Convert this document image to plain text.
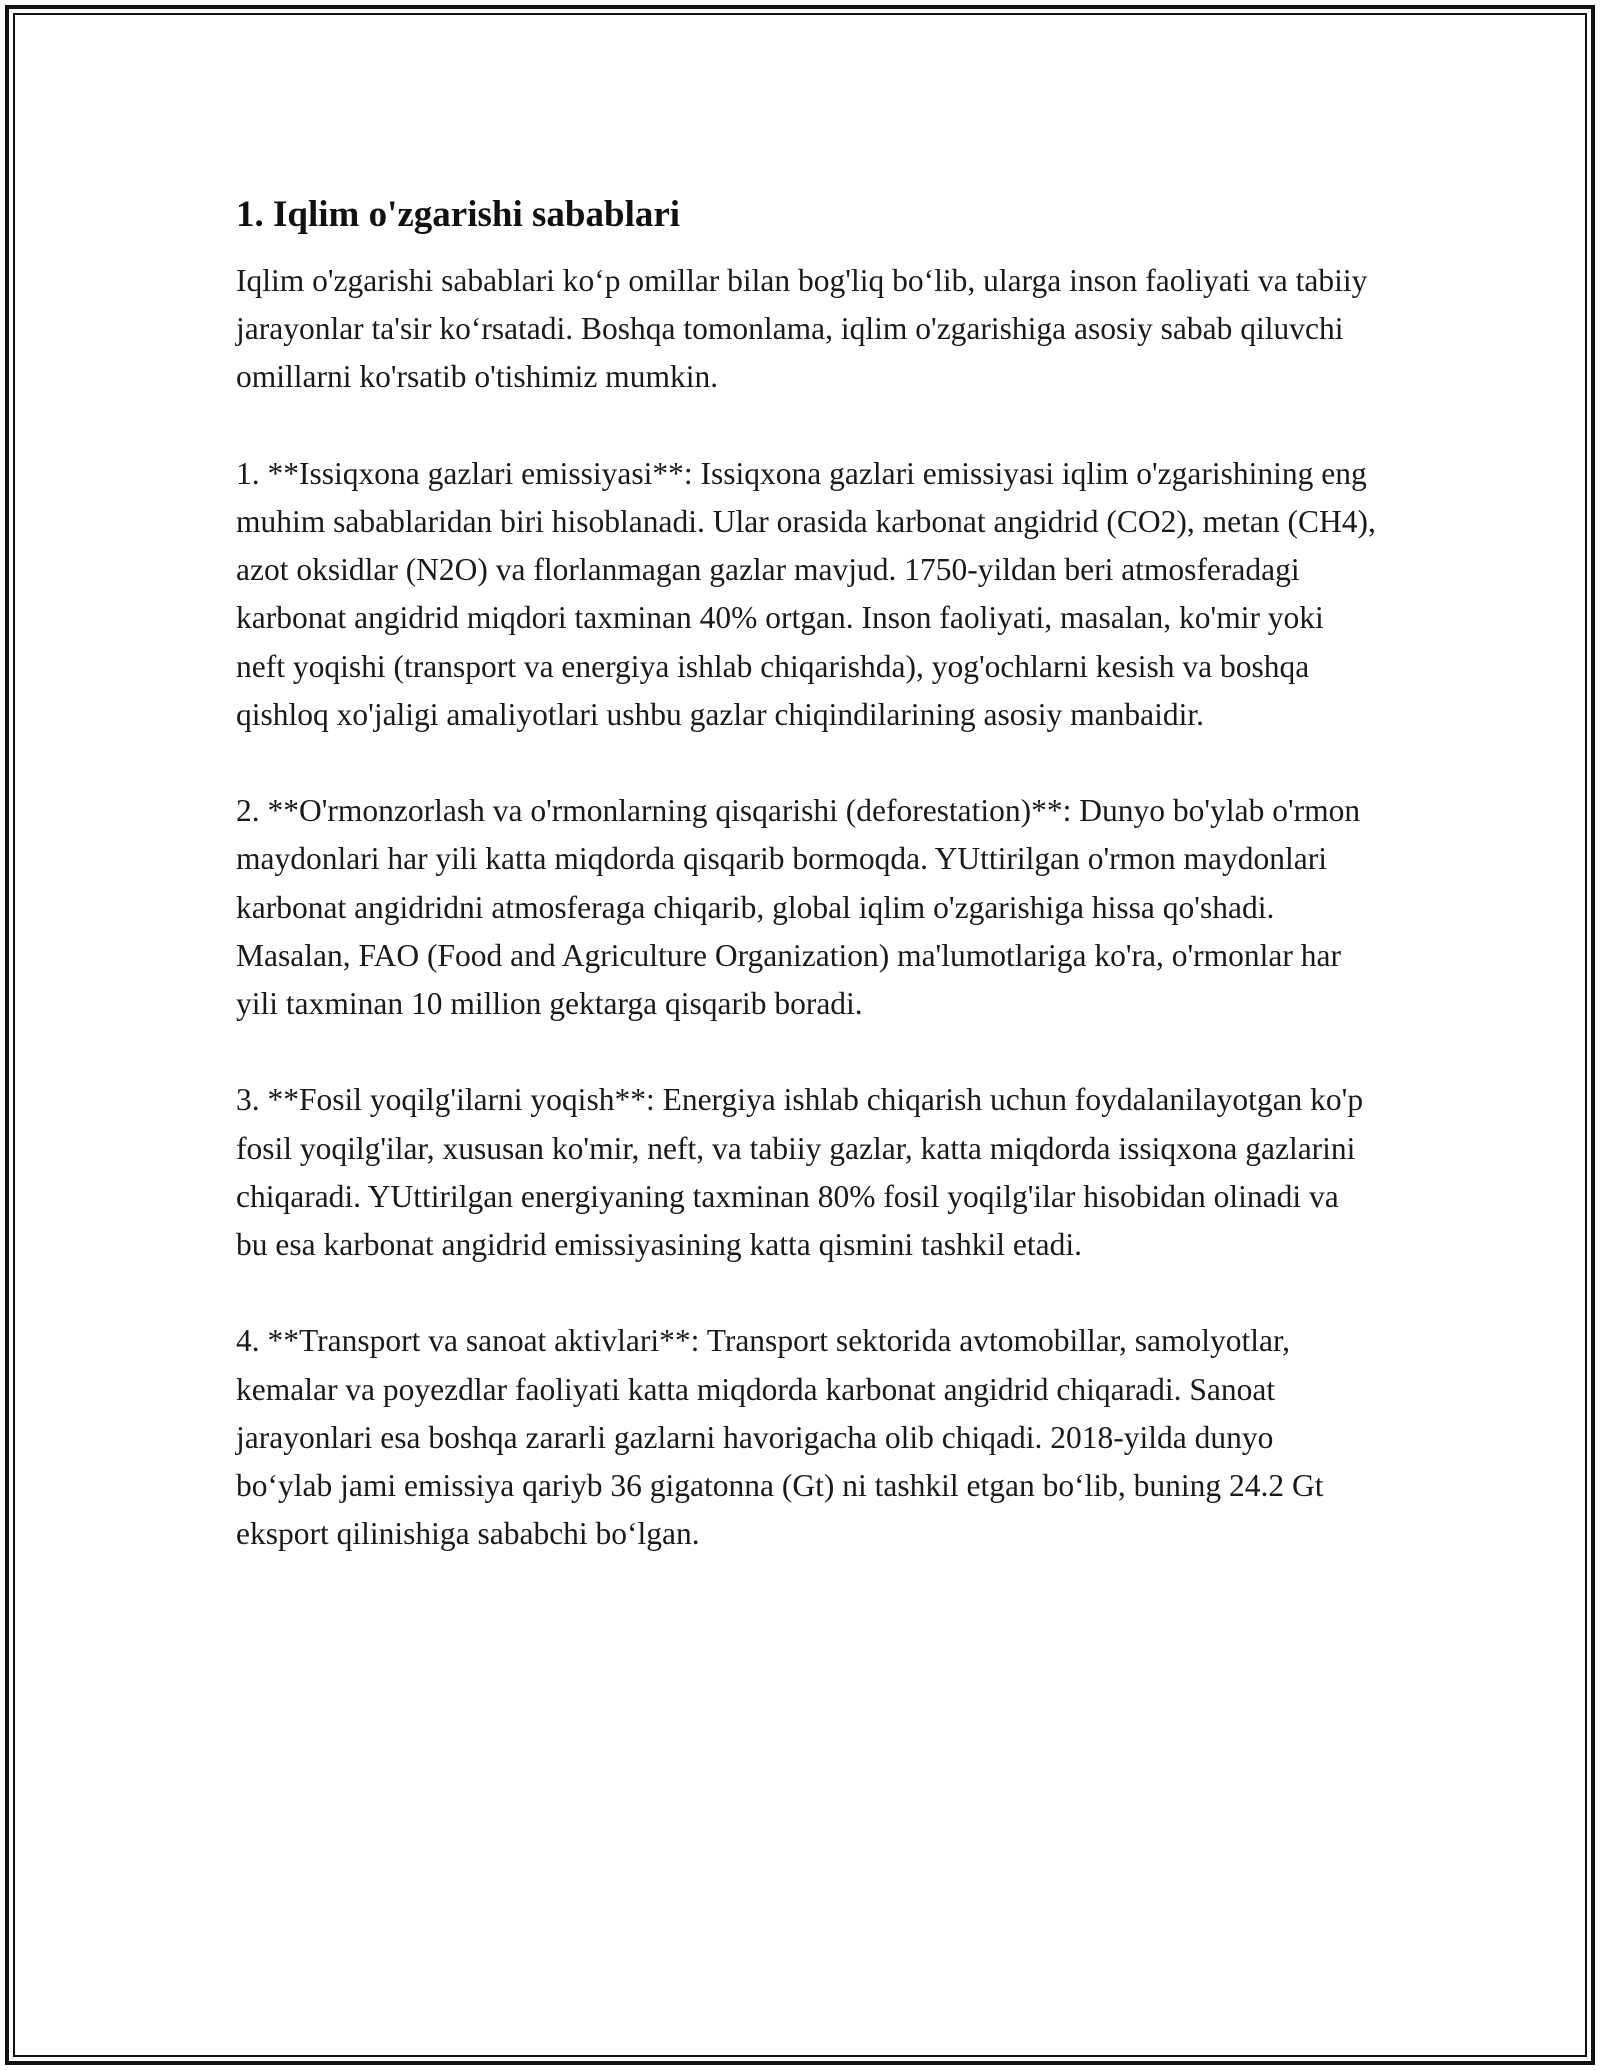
1. Iqlim o'zgarishi sabablari

Iqlim o'zgarishi sabablari ko‘p omillar bilan bog'liq bo‘lib, ularga inson faoliyati va tabiiy jarayonlar ta'sir ko‘rsatadi. Boshqa tomonlama, iqlim o'zgarishiga asosiy sabab qiluvchi omillarni ko'rsatib o'tishimiz mumkin.

1. **Issiqxona gazlari emissiyasi**: Issiqxona gazlari emissiyasi iqlim o'zgarishining eng muhim sabablaridan biri hisoblanadi. Ular orasida karbonat angidrid (CO2), metan (CH4), azot oksidlar (N2O) va florlanmagan gazlar mavjud. 1750-yildan beri atmosferadagi karbonat angidrid miqdori taxminan 40% ortgan. Inson faoliyati, masalan, ko'mir yoki neft yoqishi (transport va energiya ishlab chiqarishda), yog'ochlarni kesish va boshqa qishloq xo'jaligi amaliyotlari ushbu gazlar chiqindilarining asosiy manbaidir.

2. **O'rmonzorlash va o'rmonlarning qisqarishi (deforestation)**: Dunyo bo'ylab o'rmon maydonlari har yili katta miqdorda qisqarib bormoqda. YUttirilgan o'rmon maydonlari karbonat angidridni atmosferaga chiqarib, global iqlim o'zgarishiga hissa qo'shadi. Masalan, FAO (Food and Agriculture Organization) ma'lumotlariga ko'ra, o'rmonlar har yili taxminan 10 million gektarga qisqarib boradi.

3. **Fosil yoqilg'ilarni yoqish**: Energiya ishlab chiqarish uchun foydalanilayotgan ko'p fosil yoqilg'ilar, xususan ko'mir, neft, va tabiiy gazlar, katta miqdorda issiqxona gazlarini chiqaradi. YUttirilgan energiyaning taxminan 80% fosil yoqilg'ilar hisobidan olinadi va bu esa karbonat angidrid emissiyasining katta qismini tashkil etadi.

4. **Transport va sanoat aktivlari**: Transport sektorida avtomobillar, samolyotlar, kemalar va poyezdlar faoliyati katta miqdorda karbonat angidrid chiqaradi. Sanoat jarayonlari esa boshqa zararli gazlarni havorigacha olib chiqadi. 2018-yilda dunyo bo‘ylab jami emissiya qariyb 36 gigatonna (Gt) ni tashkil etgan bo‘lib, buning 24.2 Gt eksport qilinishiga sababchi bo‘lgan.
